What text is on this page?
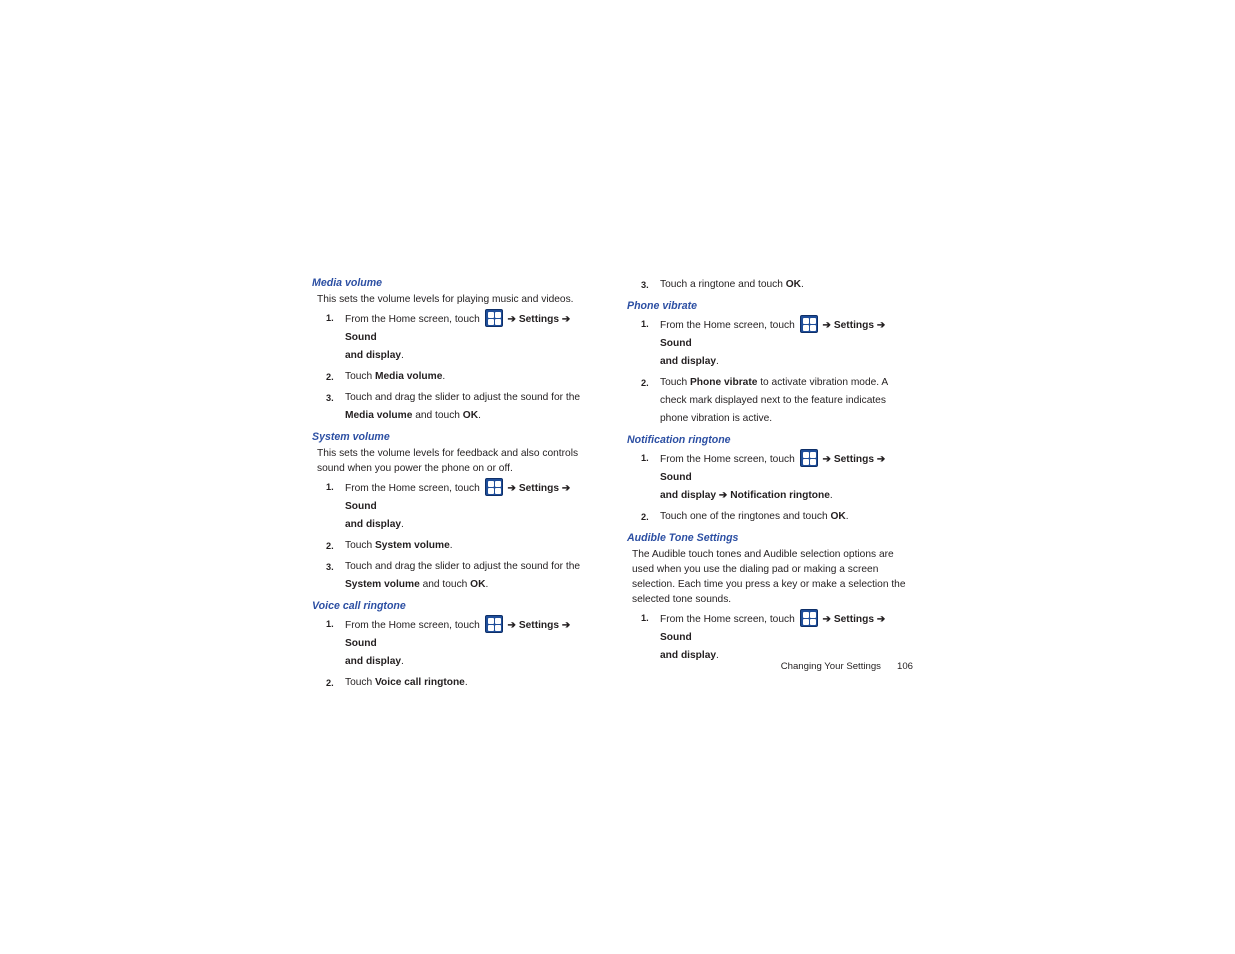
Media volume

This sets the volume levels for playing music and videos.

1. From the Home screen, touch	➔ Settings ➔ Sound
and display.
2. Touch Media volume.
3. Touch and drag the slider to adjust the sound for the Media volume and touch OK.

System volume

This sets the volume levels for feedback and also controls sound when you power the phone on or off.

1. From the Home screen, touch	➔ Settings ➔ Sound
and display.
2. Touch System volume.
3. Touch and drag the slider to adjust the sound for the System volume and touch OK.

Voice call ringtone

1. From the Home screen, touch	➔ Settings ➔ Sound
and display.
2. Touch Voice call ringtone.
3. Touch a ringtone and touch OK.

Phone vibrate

1. From the Home screen, touch	➔ Settings ➔ Sound
and display.
2. Touch Phone vibrate to activate vibration mode. A check mark displayed next to the feature indicates phone vibration is active.

Notification ringtone

1. From the Home screen, touch	➔ Settings ➔ Sound
and display ➔ Notification ringtone.
2. Touch one of the ringtones and touch OK.

Audible Tone Settings

The Audible touch tones and Audible selection options are used when you use the dialing pad or making a screen selection. Each time you press a key or make a selection the selected tone sounds.

1. From the Home screen, touch	➔ Settings ➔ Sound
and display.
Changing Your Settings 106
